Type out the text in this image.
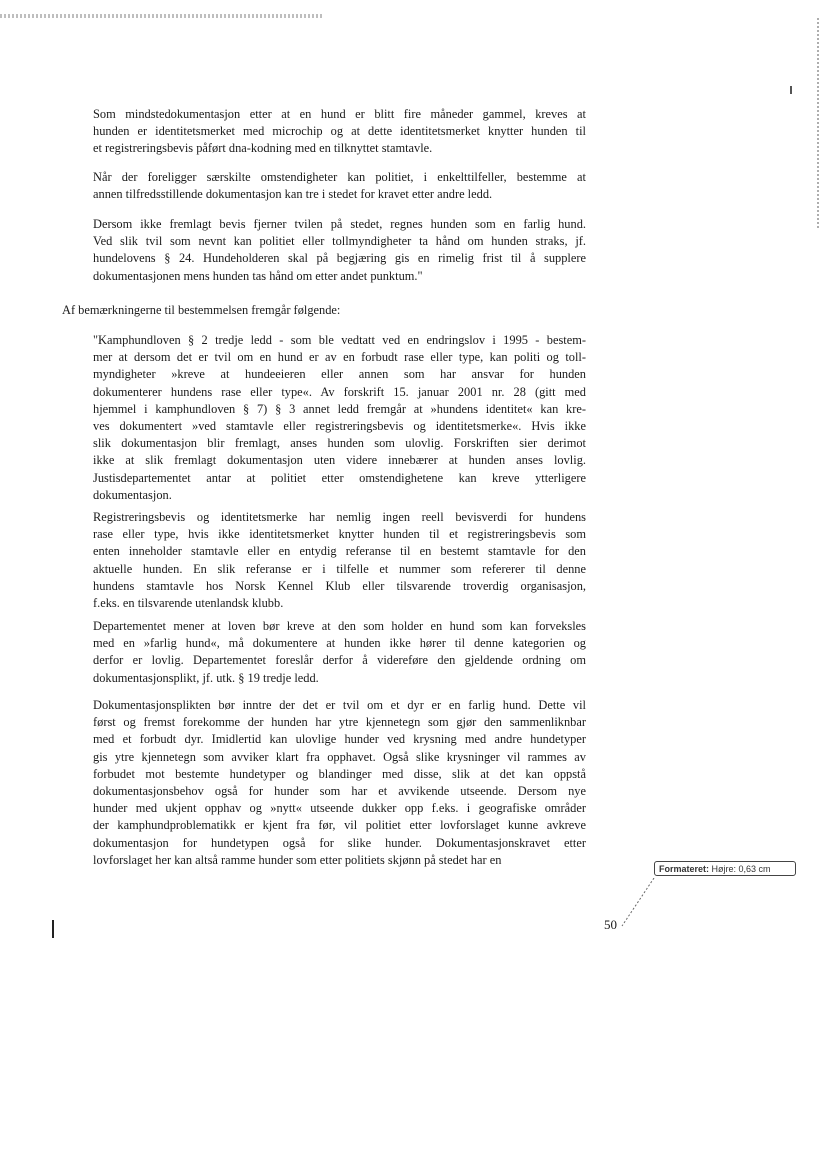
Som mindstedokumentasjon etter at en hund er blitt fire måneder gammel, kreves at
hunden er identitetsmerket med microchip og at dette identitetsmerket knytter hunden til
et registreringsbevis påført dna-kodning med en tilknyttet stamtavle.
Når der foreligger særskilte omstendigheter kan politiet, i enkelttilfeller, bestemme at
annen tilfredsstillende dokumentasjon kan tre i stedet for kravet etter andre ledd.
Dersom ikke fremlagt bevis fjerner tvilen på stedet, regnes hunden som en farlig hund.
Ved slik tvil som nevnt kan politiet eller tollmyndigheter ta hånd om hunden straks, jf.
hundelovens § 24. Hundeholderen skal på begjæring gis en rimelig frist til å supplere
dokumentasjonen mens hunden tas hånd om etter andet punktum."
Af bemærkningerne til bestemmelsen fremgår følgende:
"Kamphundloven § 2 tredje ledd - som ble vedtatt ved en endringslov i 1995 - bestem-
mer at dersom det er tvil om en hund er av en forbudt rase eller type, kan politi og toll-
myndigheter »kreve at hundeeieren eller annen som har ansvar for hunden
dokumenterer hundens rase eller type«. Av forskrift 15. januar 2001 nr. 28 (gitt med
hjemmel i kamphundloven § 7) § 3 annet ledd fremgår at »hundens identitet« kan kre-
ves dokumentert »ved stamtavle eller registreringsbevis og identitetsmerke«. Hvis ikke
slik dokumentasjon blir fremlagt, anses hunden som ulovlig. Forskriften sier derimot
ikke at slik fremlagt dokumentasjon uten videre innebærer at hunden anses lovlig.
Justisdepartementet antar at politiet etter omstendighetene kan kreve ytterligere
dokumentasjon.
Registreringsbevis og identitetsmerke har nemlig ingen reell bevisverdi for hundens
rase eller type, hvis ikke identitetsmerket knytter hunden til et registreringsbevis som
enten inneholder stamtavle eller en entydig referanse til en bestemt stamtavle for den
aktuelle hunden. En slik referanse er i tilfelle et nummer som refererer til denne
hundens stamtavle hos Norsk Kennel Klub eller tilsvarende troverdig organisasjon,
f.eks. en tilsvarende utenlandsk klubb.
Departementet mener at loven bør kreve at den som holder en hund som kan forveksles
med en »farlig hund«, må dokumentere at hunden ikke hører til denne kategorien og
derfor er lovlig. Departementet foreslår derfor å videreføre den gjeldende ordning om
dokumentasjonsplikt, jf. utk. § 19 tredje ledd.
Dokumentasjonsplikten bør inntre der det er tvil om et dyr er en farlig hund. Dette vil
først og fremst forekomme der hunden har ytre kjennetegn som gjør den sammenliknbar
med et forbudt dyr. Imidlertid kan ulovlige hunder ved krysning med andre hundetyper
gis ytre kjennetegn som avviker klart fra opphavet. Også slike krysninger vil rammes av
forbudet mot bestemte hundetyper og blandinger med disse, slik at det kan oppstå
dokumentasjonsbehov også for hunder som har et avvikende utseende. Dersom nye
hunder med ukjent opphav og »nytt« utseende dukker opp f.eks. i geografiske områder
der kamphundproblematikk er kjent fra før, vil politiet etter lovforslaget kunne avkreve
dokumentasjon for hundetypen også for slike hunder. Dokumentasjonskravet etter
lovforslaget her kan altså ramme hunder som etter politiets skjønn på stedet har en
Formateret: Højre: 0,63 cm
50
